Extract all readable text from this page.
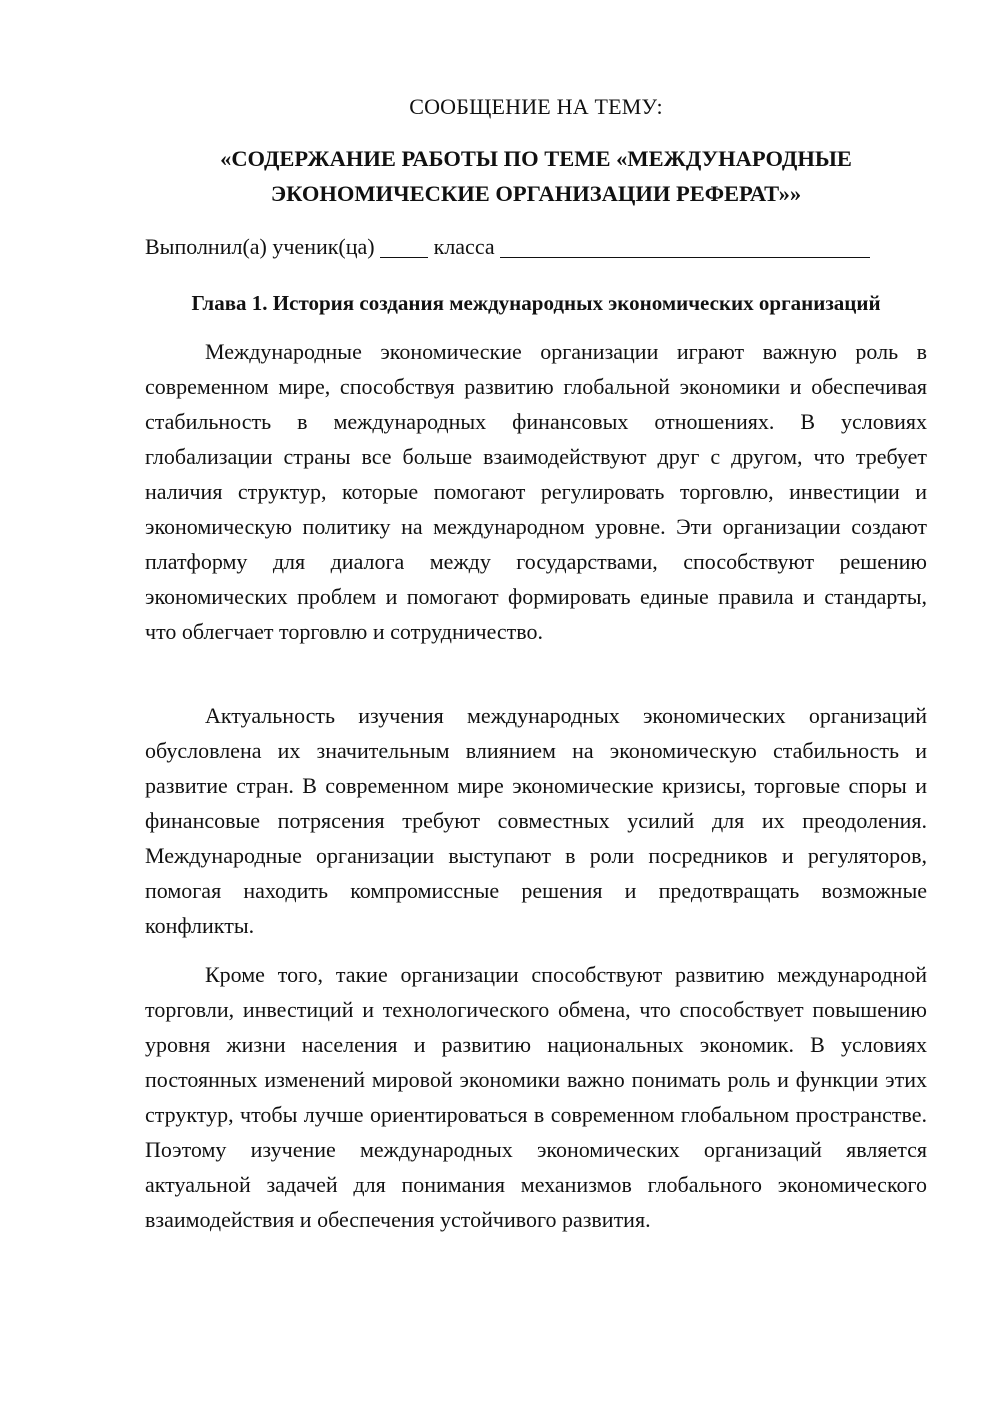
СООБЩЕНИЕ НА ТЕМУ:
«СОДЕРЖАНИЕ РАБОТЫ ПО ТЕМЕ «МЕЖДУНАРОДНЫЕ ЭКОНОМИЧЕСКИЕ ОРГАНИЗАЦИИ РЕФЕРАТ»»
Выполнил(а) ученик(ца)	класса
Глава 1. История создания международных экономических организаций

Международные экономические организации играют важную роль в современном мире, способствуя развитию глобальной экономики и обеспечивая стабильность в международных финансовых отношениях. В условиях глобализации страны все больше взаимодействуют друг с другом, что требует наличия структур, которые помогают регулировать торговлю, инвестиции и экономическую политику на международном уровне. Эти организации создают платформу для диалога между государствами, способствуют решению экономических проблем и помогают формировать единые правила и стандарты, что облегчает торговлю и сотрудничество.

Актуальность изучения международных экономических организаций обусловлена их значительным влиянием на экономическую стабильность и развитие стран. В современном мире экономические кризисы, торговые споры и финансовые потрясения требуют совместных усилий для их преодоления. Международные организации выступают в роли посредников и регуляторов, помогая находить компромиссные решения и предотвращать возможные конфликты.

Кроме того, такие организации способствуют развитию международной торговли, инвестиций и технологического обмена, что способствует повышению уровня жизни населения и развитию национальных экономик. В условиях постоянных изменений мировой экономики важно понимать роль и функции этих структур, чтобы лучше ориентироваться в современном глобальном пространстве. Поэтому изучение международных экономических организаций является актуальной задачей для понимания механизмов глобального экономического взаимодействия и обеспечения устойчивого развития.
